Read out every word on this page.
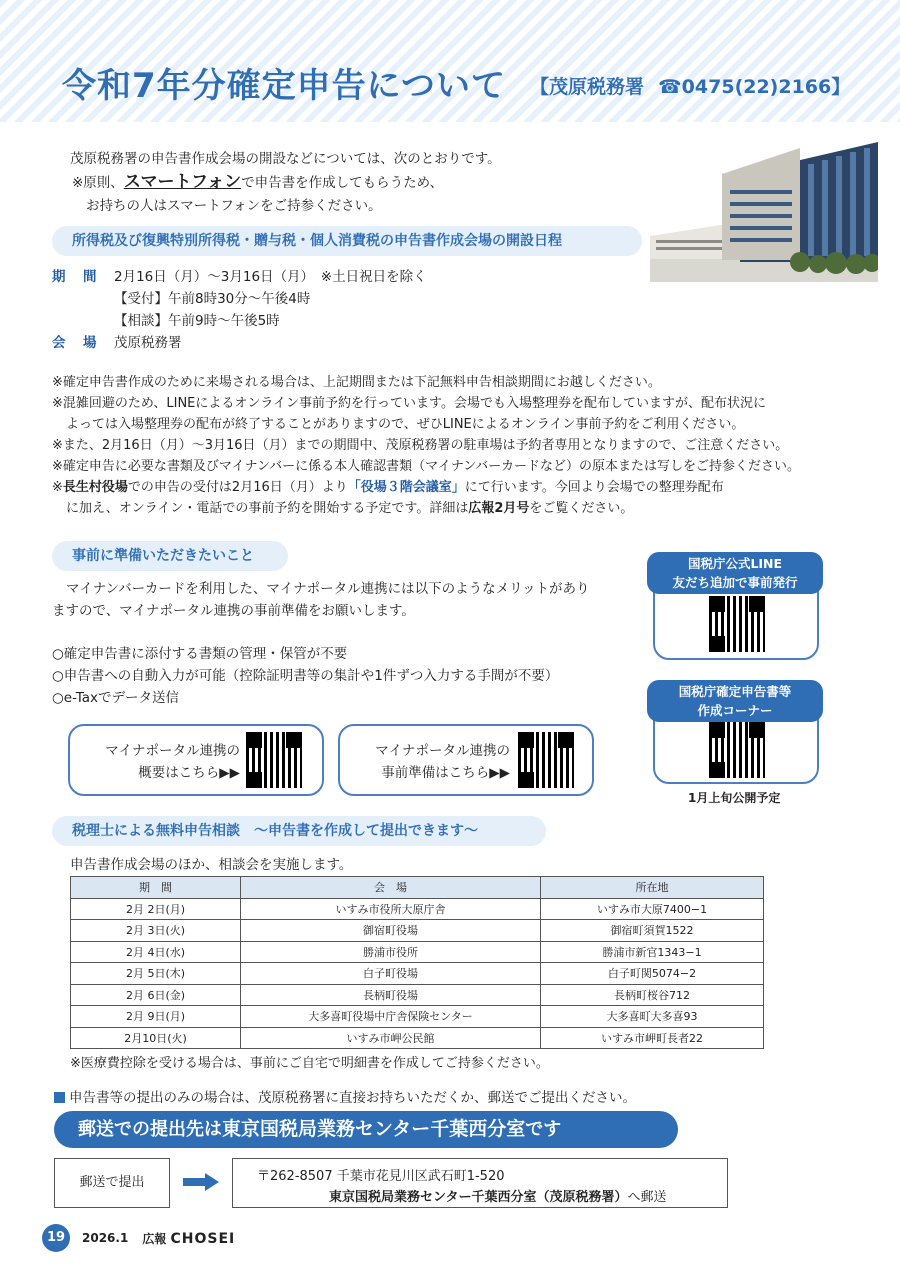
令和7年分確定申告について 【茂原税務署 ☎0475(22)2166】
茂原税務署の申告書作成会場の開設などについては、次のとおりです。
※原則、スマートフォンで申告書を作成してもらうため、
お持ちの人はスマートフォンをご持参ください。
所得税及び復興特別所得税・贈与税・個人消費税の申告書作成会場の開設日程
期　間	2月16日（月）～3月16日（月）　※土日祝日を除く
【受付】午前8時30分～午後4時
【相談】午前9時～午後5時
会　場	茂原税務署
※確定申告書作成のために来場される場合は、上記期間または下記無料申告相談期間にお越しください。
※混雑回避のため、LINEによるオンライン事前予約を行っています。会場でも入場整理券を配布していますが、配布状況に
よっては入場整理券の配布が終了することがありますので、ぜひLINEによるオンライン事前予約をご利用ください。
※また、2月16日（月）～3月16日（月）までの期間中、茂原税務署の駐車場は予約者専用となりますので、ご注意ください。
※確定申告に必要な書類及びマイナンバーに係る本人確認書類（マイナンバーカードなど）の原本または写しをご持参ください。
※長生村役場での申告の受付は2月16日（月）より「役場３階会議室」にて行います。今回より会場での整理券配布
に加え、オンライン・電話での事前予約を開始する予定です。詳細は広報2月号をご覧ください。
事前に準備いただきたいこと
マイナンバーカードを利用した、マイナポータル連携には以下のようなメリットがあり
ますので、マイナポータル連携の事前準備をお願いします。
○確定申告書に添付する書類の管理・保管が不要
○申告書への自動入力が可能（控除証明書等の集計や1件ずつ入力する手間が不要）
○e-Taxでデータ送信
マイナポータル連携の
概要はこちら▶▶
マイナポータル連携の
事前準備はこちら▶▶
国税庁公式LINE
友だち追加で事前発行
国税庁確定申告書等
作成コーナー
1月上旬公開予定
税理士による無料申告相談　～申告書を作成して提出できます～
申告書作成会場のほか、相談会を実施します。
期　間	会　場	所在地
2月 2日(月)	いすみ市役所大原庁舎	いすみ市大原7400−1
2月 3日(火)	御宿町役場	御宿町須賀1522
2月 4日(水)	勝浦市役所	勝浦市新官1343−1
2月 5日(木)	白子町役場	白子町関5074−2
2月 6日(金)	長柄町役場	長柄町桜谷712
2月 9日(月)	大多喜町役場中庁舎保険センター	大多喜町大多喜93
2月10日(火)	いすみ市岬公民館	いすみ市岬町長者22
※医療費控除を受ける場合は、事前にご自宅で明細書を作成してご持参ください。
申告書等の提出のみの場合は、茂原税務署に直接お持ちいただくか、郵送でご提出ください。
郵送での提出先は東京国税局業務センター千葉西分室です
郵送で提出	〒262-8507 千葉市花見川区武石町1-520
東京国税局業務センター千葉西分室（茂原税務署）へ郵送
19	2026.1 広報 CHOSEI
